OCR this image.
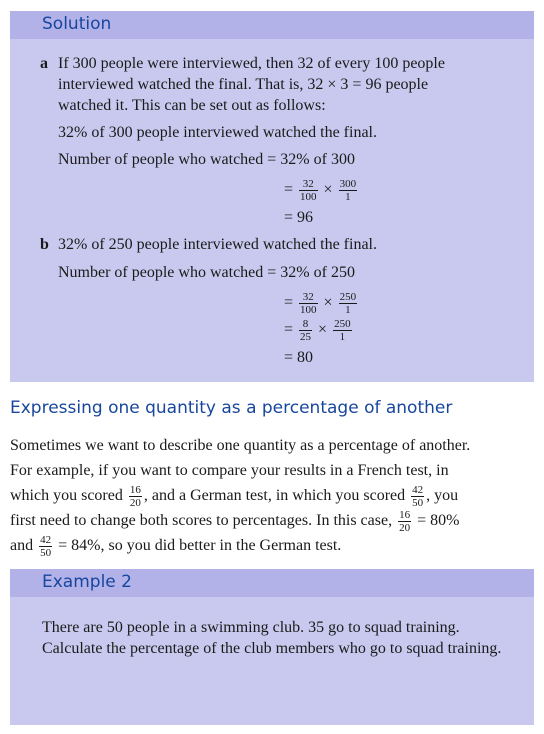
Solution
a If 300 people were interviewed, then 32 of every 100 people
interviewed watched the final. That is, 32 × 3 = 96 people
watched it. This can be set out as follows:
32% of 300 people interviewed watched the final.
Number of people who watched = 32% of 300
= $\frac{32}{100} \times \frac{300}{1}$
= 96
b 32% of 250 people interviewed watched the final.
Number of people who watched = 32% of 250
= $\frac{32}{100} \times \frac{250}{1}$
= $\frac{8}{25} \times \frac{250}{1}$
= 80
Expressing one quantity as a percentage of another
Sometimes we want to describe one quantity as a percentage of another.
For example, if you want to compare your results in a French test, in
which you scored $\frac{16}{20}$ , and a German test, in which you scored $\frac{42}{50}$ , you
first need to change both scores to percentages. In this case, $\frac{16}{20} = 80\%$
and $\frac{42}{50} = 84\%$, so you did better in the German test.
Example 2
There are 50 people in a swimming club. 35 go to squad training. Calculate the percentage of the club members who go to squad training.
